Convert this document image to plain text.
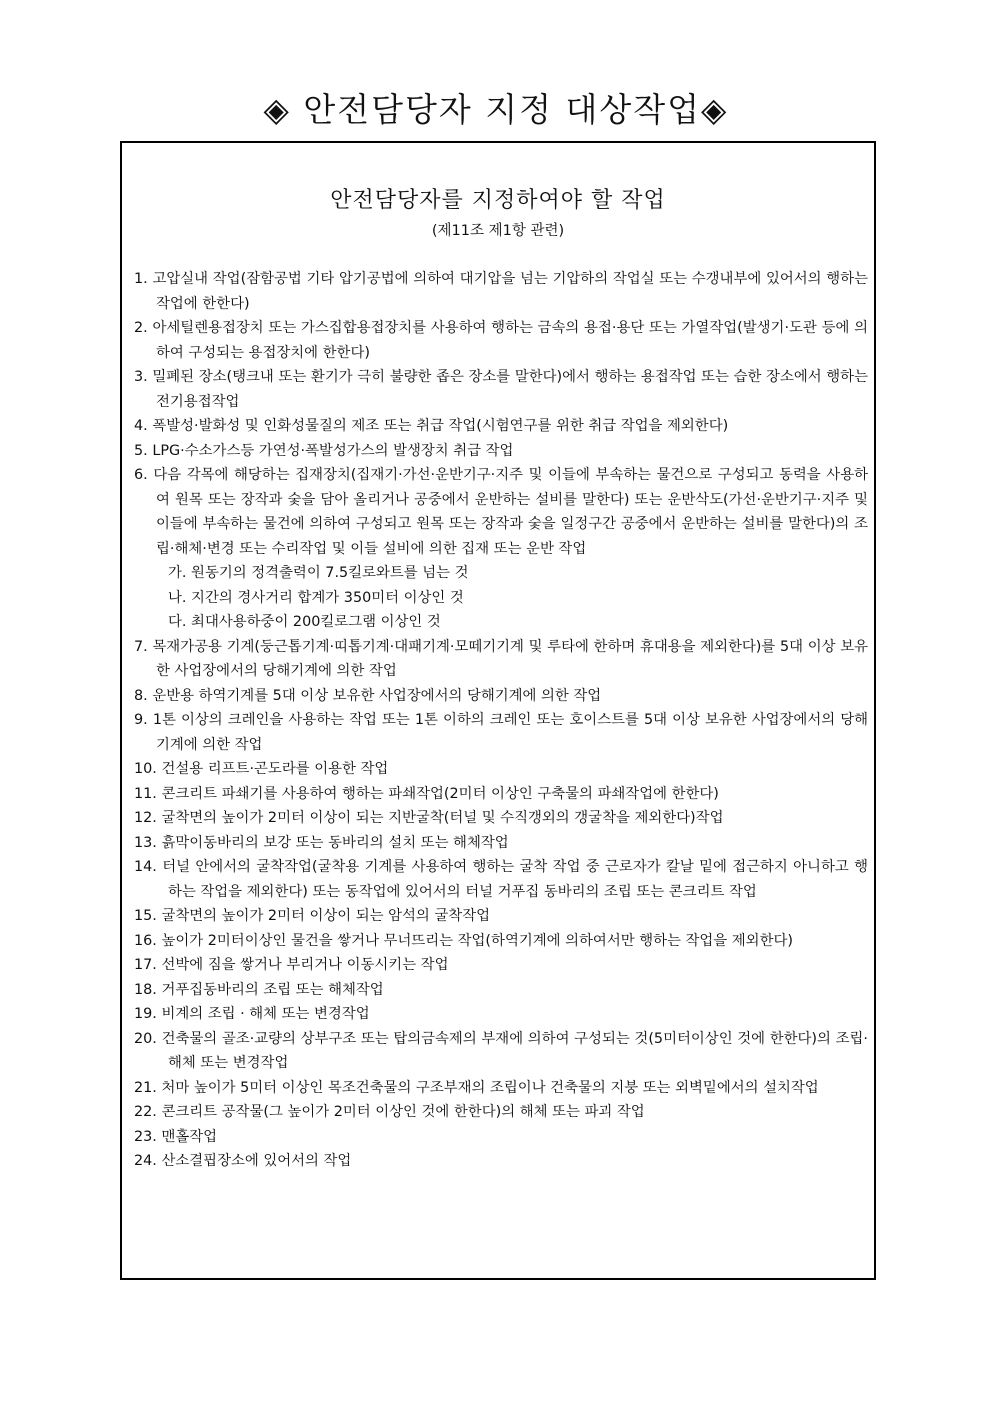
◈ 안전담당자 지정 대상작업◈
안전담당자를 지정하여야 할 작업
(제11조 제1항 관련)
1. 고압실내 작업(잠함공법 기타 압기공법에 의하여 대기압을 넘는 기압하의 작업실 또는 수갱내부에 있어서의 행하는 작업에 한한다)
2. 아세틸렌용접장치 또는 가스집합용접장치를 사용하여 행하는 금속의 용접·용단 또는 가열작업(발생기·도관 등에 의하여 구성되는 용접장치에 한한다)
3. 밀폐된 장소(탱크내 또는 환기가 극히 불량한 좁은 장소를 말한다)에서 행하는 용접작업 또는 습한 장소에서 행하는 전기용접작업
4. 폭발성·발화성 및 인화성물질의 제조 또는 취급 작업(시험연구를 위한 취급 작업을 제외한다)
5. LPG·수소가스등 가연성·폭발성가스의 발생장치 취급 작업
6. 다음 각목에 해당하는 집재장치(집재기·가선·운반기구·지주 및 이들에 부속하는 물건으로 구성되고 동력을 사용하여 원목 또는 장작과 숯을 담아 올리거나 공중에서 운반하는 설비를 말한다) 또는 운반삭도(가선·운반기구·지주 및 이들에 부속하는 물건에 의하여 구성되고 원목 또는 장작과 숯을 일정구간 공중에서 운반하는 설비를 말한다)의 조립·해체·변경 또는 수리작업 및 이들 설비에 의한 집재 또는 운반 작업
가. 원동기의 정격출력이 7.5킬로와트를 넘는 것
나. 지간의 경사거리 합계가 350미터 이상인 것
다. 최대사용하중이 200킬로그램 이상인 것
7. 목재가공용 기계(둥근톱기계·띠톱기계·대패기계·모떼기기계 및 루타에 한하며 휴대용을 제외한다)를 5대 이상 보유한 사업장에서의 당해기계에 의한 작업
8. 운반용 하역기계를 5대 이상 보유한 사업장에서의 당해기계에 의한 작업
9. 1톤 이상의 크레인을 사용하는 작업 또는 1톤 이하의 크레인 또는 호이스트를 5대 이상 보유한 사업장에서의 당해기계에 의한 작업
10. 건설용 리프트·곤도라를 이용한 작업
11. 콘크리트 파쇄기를 사용하여 행하는 파쇄작업(2미터 이상인 구축물의 파쇄작업에 한한다)
12. 굴착면의 높이가 2미터 이상이 되는 지반굴착(터널 및 수직갱외의 갱굴착을 제외한다)작업
13. 흙막이동바리의 보강 또는 동바리의 설치 또는 해체작업
14. 터널 안에서의 굴착작업(굴착용 기계를 사용하여 행하는 굴착 작업 중 근로자가 칼날 밑에 접근하지 아니하고 행하는 작업을 제외한다) 또는 동작업에 있어서의 터널 거푸집 동바리의 조립 또는 콘크리트 작업
15. 굴착면의 높이가 2미터 이상이 되는 암석의 굴착작업
16. 높이가 2미터이상인 물건을 쌓거나 무너뜨리는 작업(하역기계에 의하여서만 행하는 작업을 제외한다)
17. 선박에 짐을 쌓거나 부리거나 이동시키는 작업
18. 거푸집동바리의 조립 또는 해체작업
19. 비계의 조립 · 해체 또는 변경작업
20. 건축물의 골조·교량의 상부구조 또는 탑의금속제의 부재에 의하여 구성되는 것(5미터이상인 것에 한한다)의 조립·해체 또는 변경작업
21. 처마 높이가 5미터 이상인 목조건축물의 구조부재의 조립이나 건축물의 지붕 또는 외벽밑에서의 설치작업
22. 콘크리트 공작물(그 높이가 2미터 이상인 것에 한한다)의 해체 또는 파괴 작업
23. 맨홀작업
24. 산소결핍장소에 있어서의 작업
